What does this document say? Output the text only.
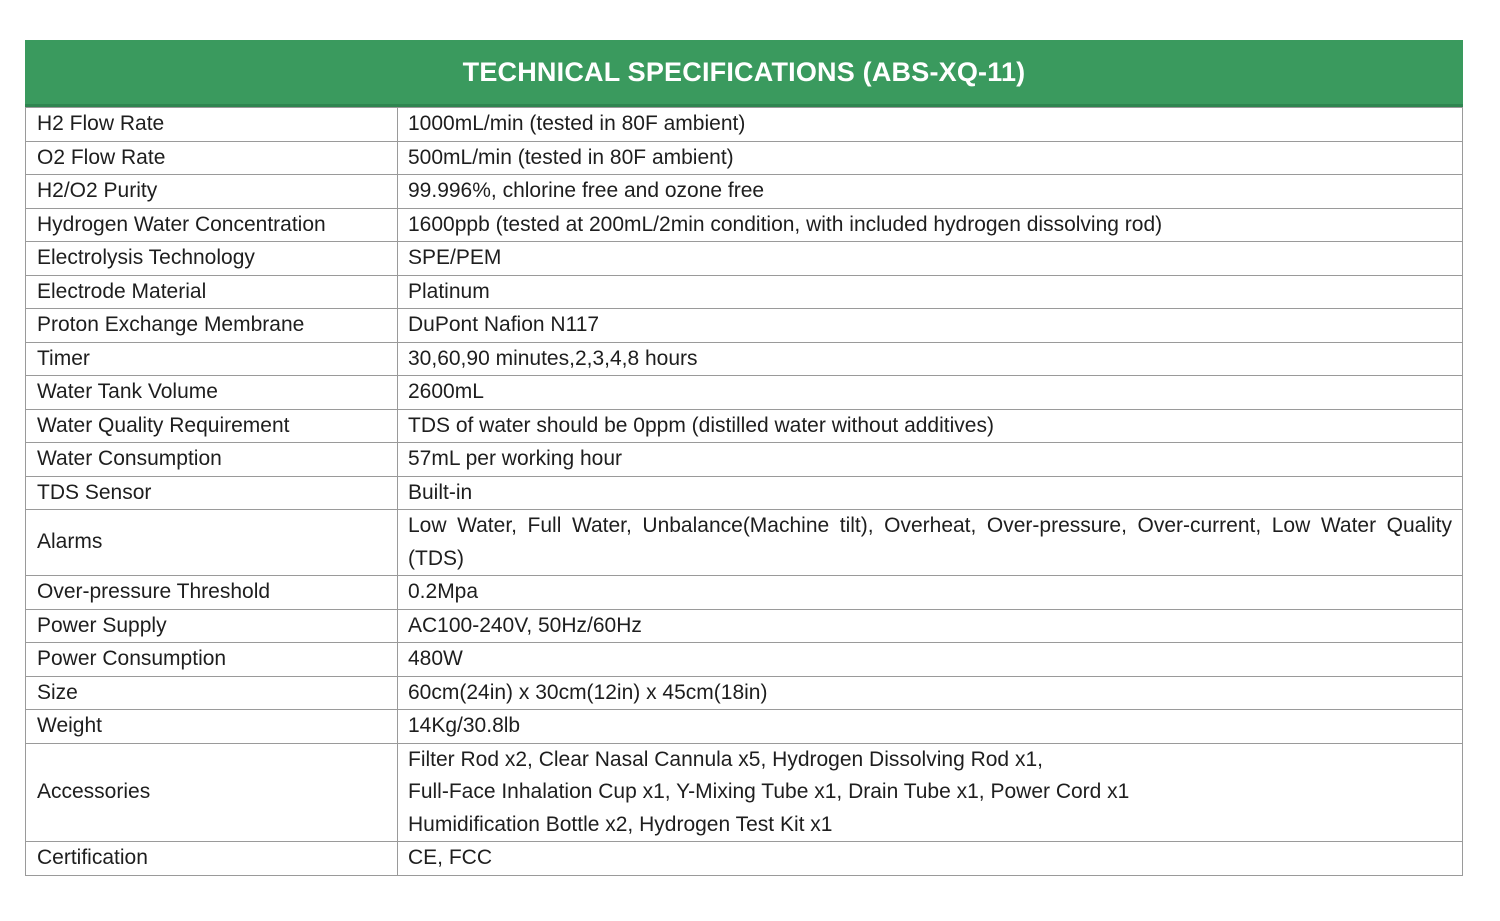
TECHNICAL SPECIFICATIONS (ABS-XQ-11)
H2 Flow Rate	1000mL/min (tested in 80F ambient)

O2 Flow Rate	500mL/min (tested in 80F ambient)

H2/O2 Purity	99.996%, chlorine free and ozone free

Hydrogen Water Concentration	1600ppb (tested at 200mL/2min condition, with included hydrogen dissolving rod)

Electrolysis Technology	SPE/PEM

Electrode Material	Platinum

Proton Exchange Membrane	DuPont Nafion N117

Timer	30,60,90 minutes,2,3,4,8 hours

Water Tank Volume	2600mL

Water Quality Requirement	TDS of water should be 0ppm (distilled water without additives)

Water Consumption	57mL per working hour

TDS Sensor	Built-in

Alarms	Low Water, Full Water, Unbalance(Machine tilt), Overheat, Over-pressure, Over-current, Low Water Quality (TDS)

Over-pressure Threshold	0.2Mpa

Power Supply	AC100-240V, 50Hz/60Hz

Power Consumption	480W

Size	60cm(24in) x 30cm(12in) x 45cm(18in)

Weight	14Kg/30.8lb

Accessories	Filter Rod x2, Clear Nasal Cannula x5, Hydrogen Dissolving Rod x1,
Full-Face Inhalation Cup x1, Y-Mixing Tube x1, Drain Tube x1, Power Cord x1
Humidification Bottle x2, Hydrogen Test Kit x1

Certification	CE, FCC
